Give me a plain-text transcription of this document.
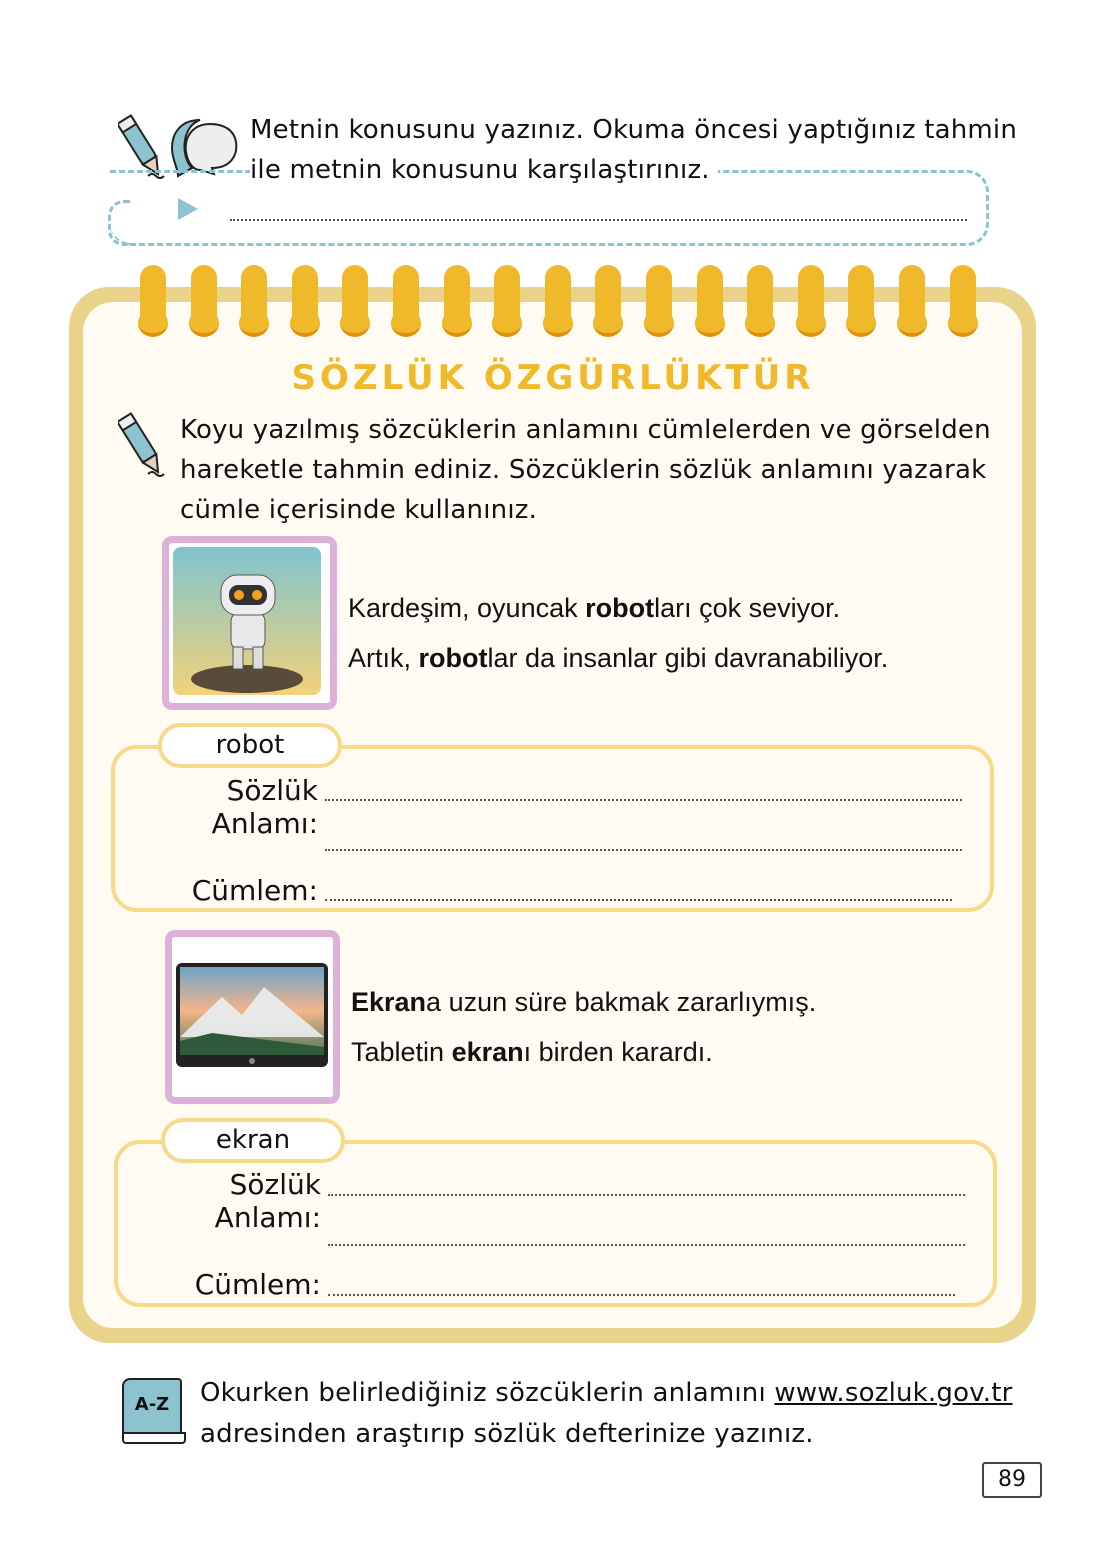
Metnin konusunu yazınız. Okuma öncesi yaptığınız tahmin
ile metnin konusunu karşılaştırınız.
SÖZLÜK ÖZGÜRLÜKTÜR
Koyu yazılmış sözcüklerin anlamını cümlelerden ve görselden
hareketle tahmin ediniz. Sözcüklerin sözlük anlamını yazarak
cümle içerisinde kullanınız.
Kardeşim, oyuncak robotları çok seviyor.
Artık, robotlar da insanlar gibi davranabiliyor.
robot
Sözlük Anlamı:
Cümlem:
Ekrana uzun süre bakmak zararlıymış.
Tabletin ekranı birden karardı.
ekran
Sözlük Anlamı:
Cümlem:
A-Z	Okurken belirlediğiniz sözcüklerin anlamını www.sozluk.gov.tr
adresinden araştırıp sözlük defterinize yazınız.
89
